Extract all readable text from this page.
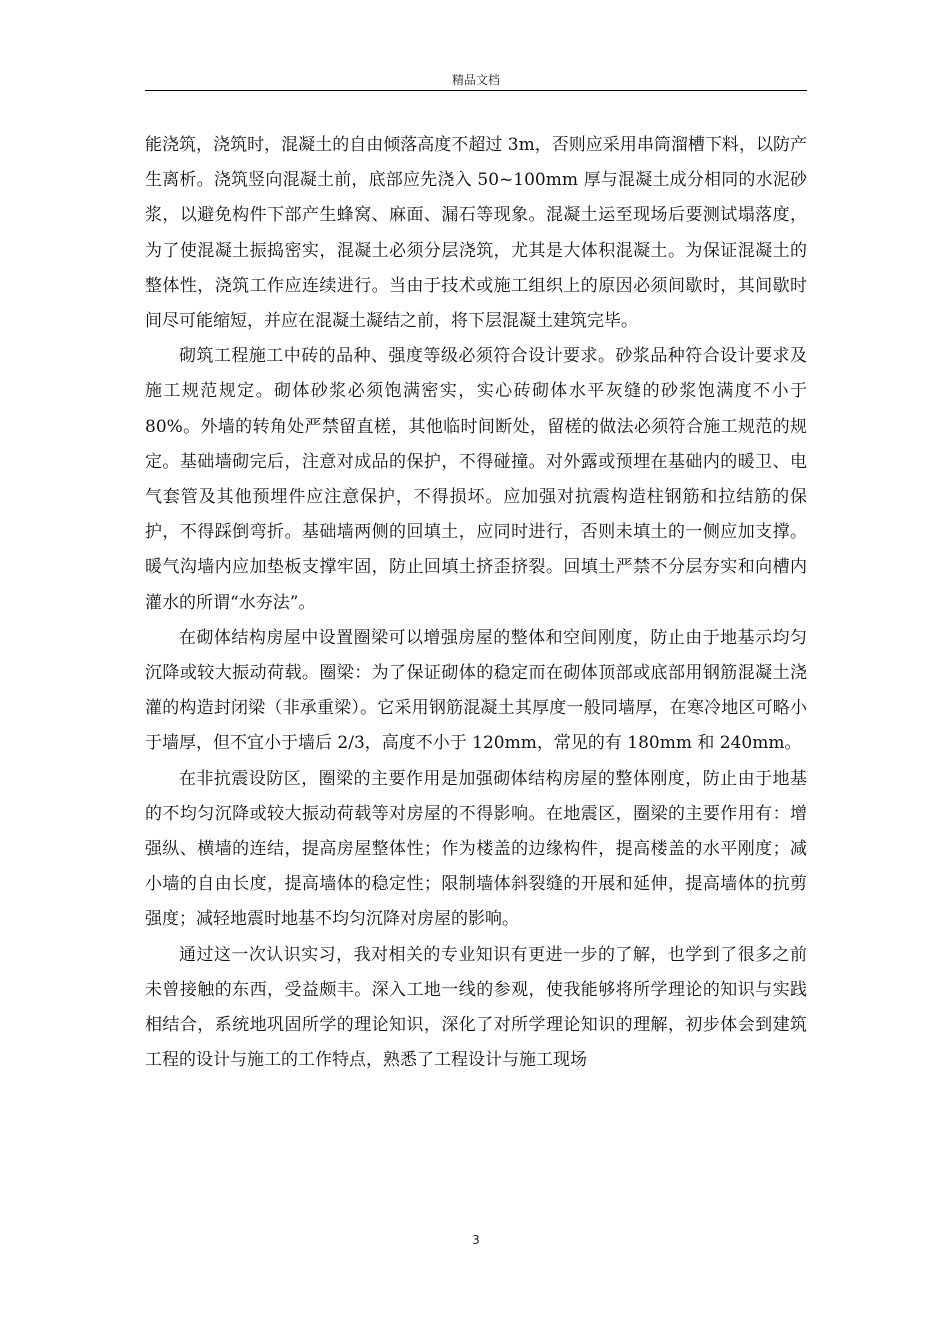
精品文档

能浇筑，浇筑时，混凝土的自由倾落高度不超过 3m，否则应采用串筒溜槽下料，以防产生离析。浇筑竖向混凝土前，底部应先浇入 50~100mm 厚与混凝土成分相同的水泥砂浆，以避免构件下部产生蜂窝、麻面、漏石等现象。混凝土运至现场后要测试塌落度，为了使混凝土振捣密实，混凝土必须分层浇筑，尤其是大体积混凝土。为保证混凝土的整体性，浇筑工作应连续进行。当由于技术或施工组织上的原因必须间歇时，其间歇时间尽可能缩短，并应在混凝土凝结之前，将下层混凝土建筑完毕。

砌筑工程施工中砖的品种、强度等级必须符合设计要求。砂浆品种符合设计要求及施工规范规定。砌体砂浆必须饱满密实，实心砖砌体水平灰缝的砂浆饱满度不小于 80%。外墙的转角处严禁留直槎，其他临时间断处，留槎的做法必须符合施工规范的规定。基础墙砌完后，注意对成品的保护，不得碰撞。对外露或预埋在基础内的暖卫、电气套管及其他预埋件应注意保护，不得损坏。应加强对抗震构造柱钢筋和拉结筋的保护，不得踩倒弯折。基础墙两侧的回填土，应同时进行，否则未填土的一侧应加支撑。暖气沟墙内应加垫板支撑牢固，防止回填土挤歪挤裂。回填土严禁不分层夯实和向槽内灌水的所谓“水夯法”。

在砌体结构房屋中设置圈梁可以增强房屋的整体和空间刚度，防止由于地基示均匀沉降或较大振动荷载。圈梁：为了保证砌体的稳定而在砌体顶部或底部用钢筋混凝土浇灌的构造封闭梁（非承重梁）。它采用钢筋混凝土其厚度一般同墙厚，在寒冷地区可略小于墙厚，但不宜小于墙后 2/3，高度不小于 120mm，常见的有 180mm 和 240mm。

在非抗震设防区，圈梁的主要作用是加强砌体结构房屋的整体刚度，防止由于地基的不均匀沉降或较大振动荷载等对房屋的不得影响。在地震区，圈梁的主要作用有：增强纵、横墙的连结，提高房屋整体性；作为楼盖的边缘构件，提高楼盖的水平刚度；减小墙的自由长度，提高墙体的稳定性；限制墙体斜裂缝的开展和延伸，提高墙体的抗剪强度；减轻地震时地基不均匀沉降对房屋的影响。

通过这一次认识实习，我对相关的专业知识有更进一步的了解，也学到了很多之前未曾接触的东西，受益颇丰。深入工地一线的参观，使我能够将所学理论的知识与实践相结合，系统地巩固所学的理论知识，深化了对所学理论知识的理解，初步体会到建筑工程的设计与施工的工作特点，熟悉了工程设计与施工现场

3
